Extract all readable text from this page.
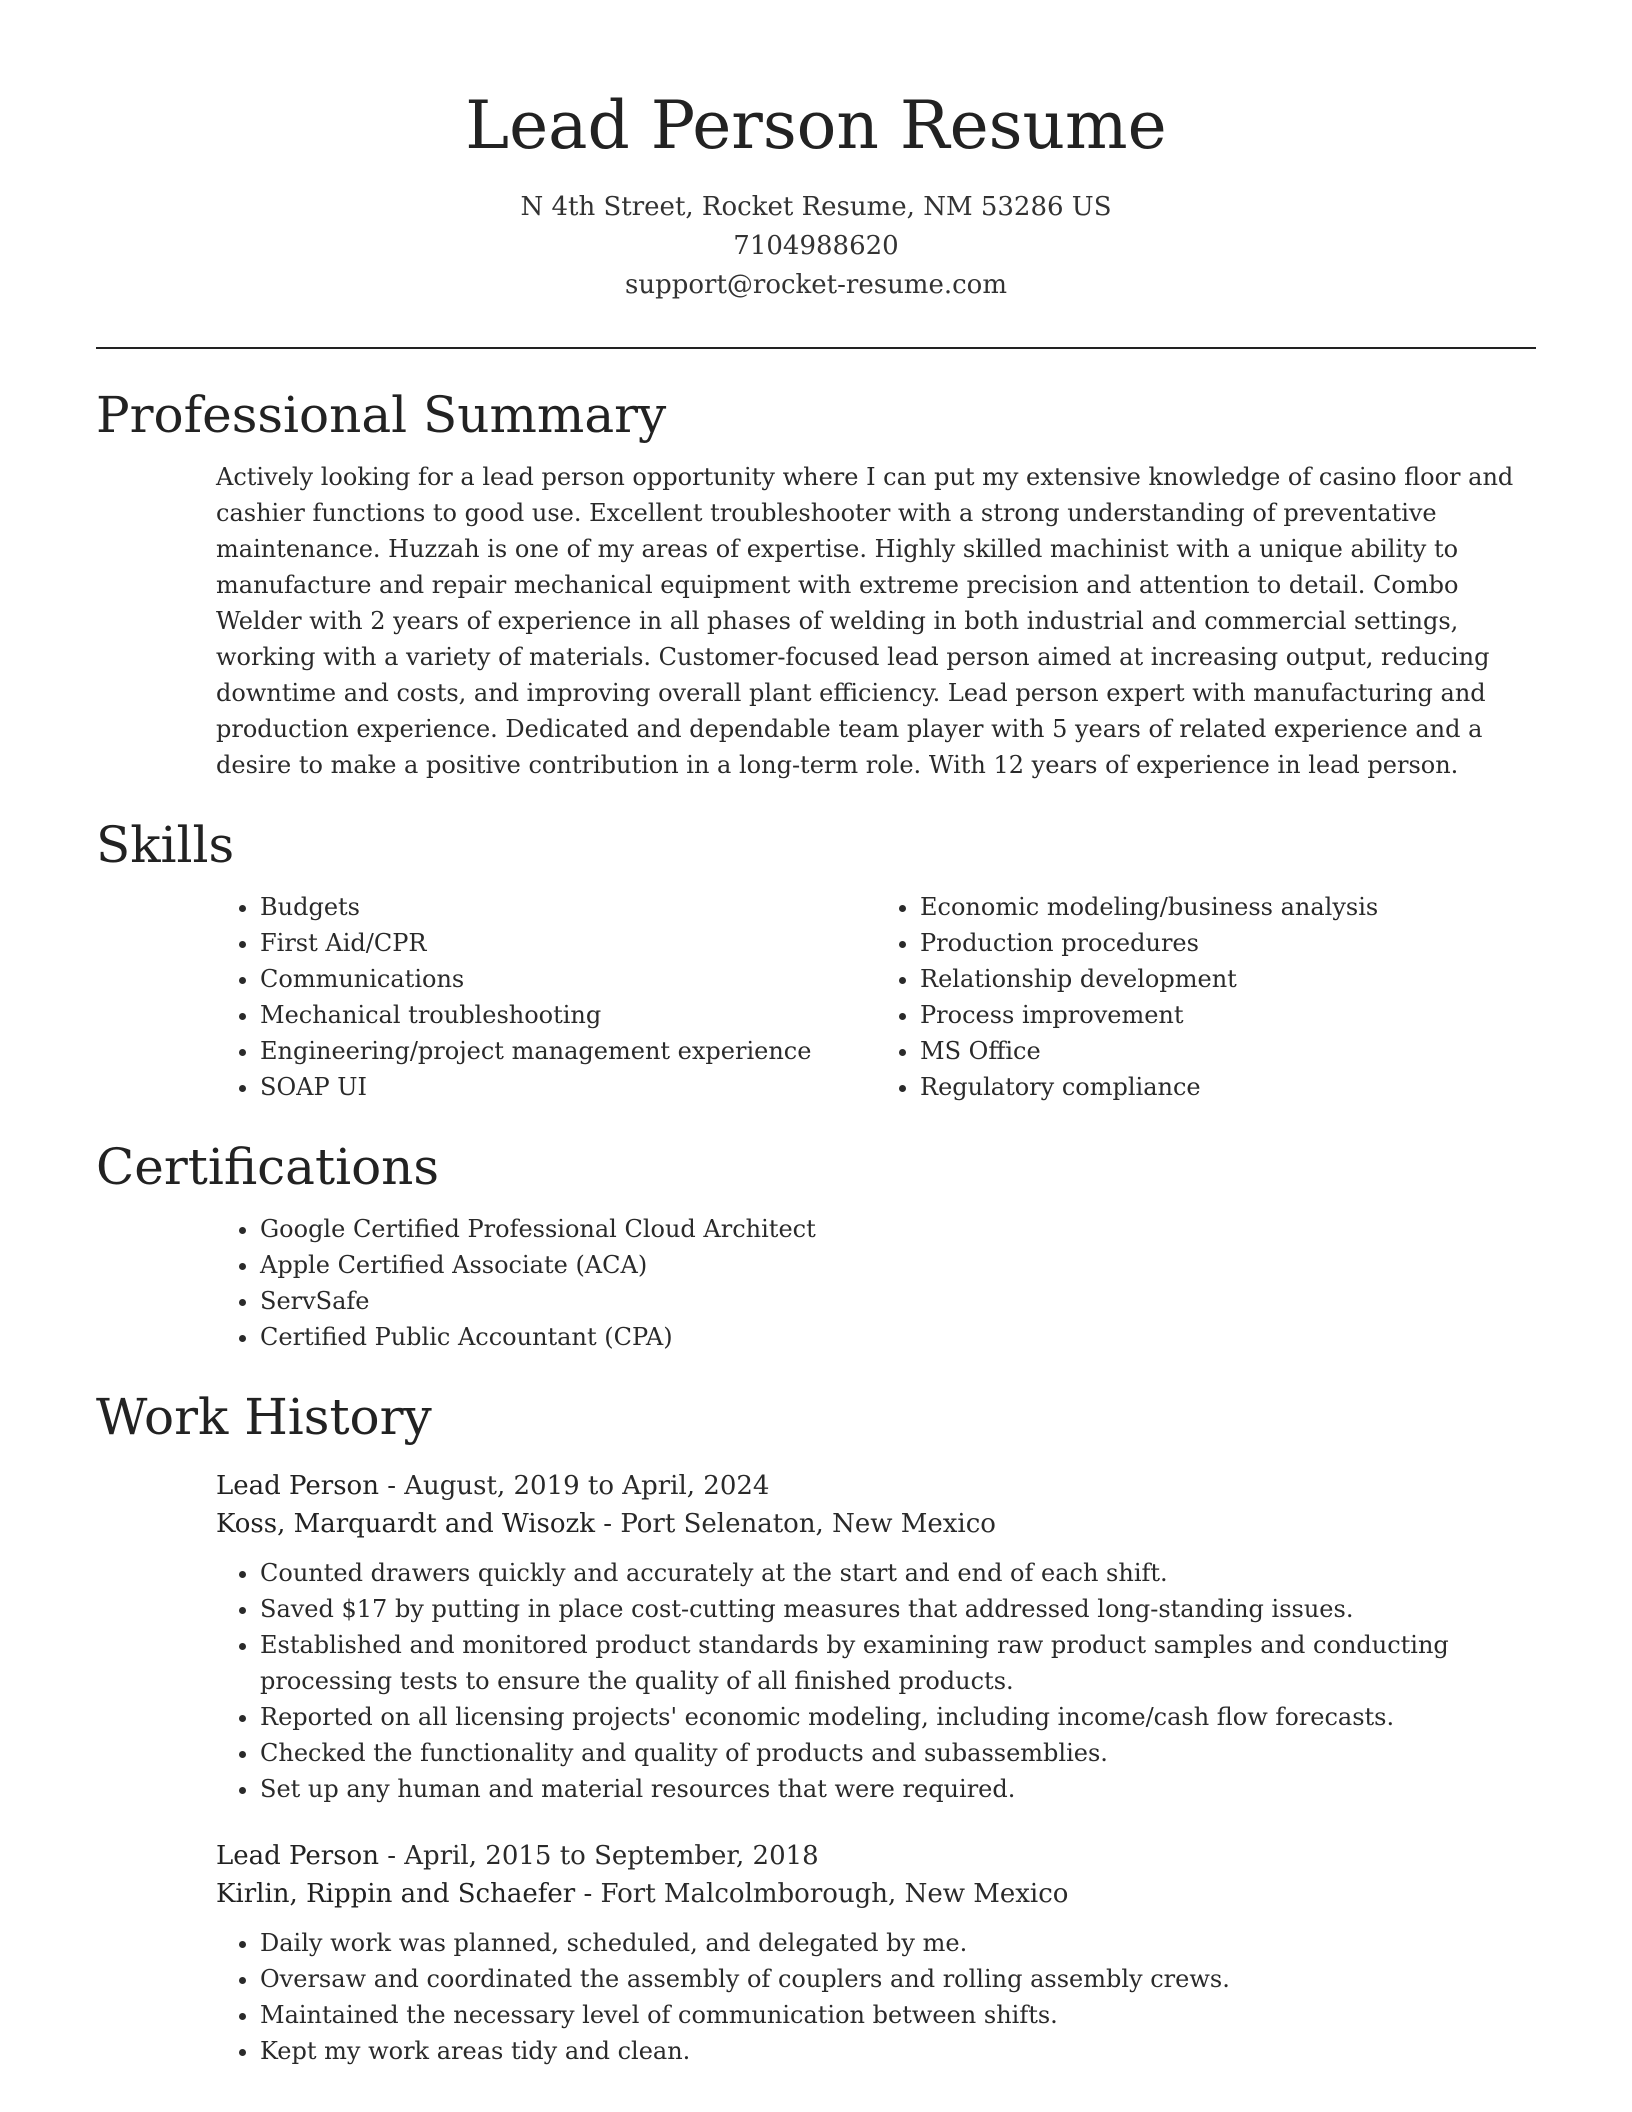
Lead Person Resume
N 4th Street, Rocket Resume, NM 53286 US
7104988620
support@rocket-resume.com
Professional Summary

Actively looking for a lead person opportunity where I can put my extensive knowledge of casino floor and cashier functions to good use. Excellent troubleshooter with a strong understanding of preventative maintenance. Huzzah is one of my areas of expertise. Highly skilled machinist with a unique ability to manufacture and repair mechanical equipment with extreme precision and attention to detail. Combo Welder with 2 years of experience in all phases of welding in both industrial and commercial settings, working with a variety of materials. Customer-focused lead person aimed at increasing output, reducing downtime and costs, and improving overall plant efficiency. Lead person expert with manufacturing and production experience. Dedicated and dependable team player with 5 years of related experience and a desire to make a positive contribution in a long-term role. With 12 years of experience in lead person.

Skills
• Budgets
• First Aid/CPR
• Communications
• Mechanical troubleshooting
• Engineering/project management experience
• SOAP UI
• Economic modeling/business analysis
• Production procedures
• Relationship development
• Process improvement
• MS Office
• Regulatory compliance
Certifications
• Google Certified Professional Cloud Architect
• Apple Certified Associate (ACA)
• ServSafe
• Certified Public Accountant (CPA)
Work History
Lead Person - August, 2019 to April, 2024
Koss, Marquardt and Wisozk - Port Selenaton, New Mexico
• Counted drawers quickly and accurately at the start and end of each shift.
• Saved $17 by putting in place cost-cutting measures that addressed long-standing issues.
• Established and monitored product standards by examining raw product samples and conducting processing tests to ensure the quality of all finished products.
• Reported on all licensing projects' economic modeling, including income/cash flow forecasts.
• Checked the functionality and quality of products and subassemblies.
• Set up any human and material resources that were required.
Lead Person - April, 2015 to September, 2018
Kirlin, Rippin and Schaefer - Fort Malcolmborough, New Mexico
• Daily work was planned, scheduled, and delegated by me.
• Oversaw and coordinated the assembly of couplers and rolling assembly crews.
• Maintained the necessary level of communication between shifts.
• Kept my work areas tidy and clean.
